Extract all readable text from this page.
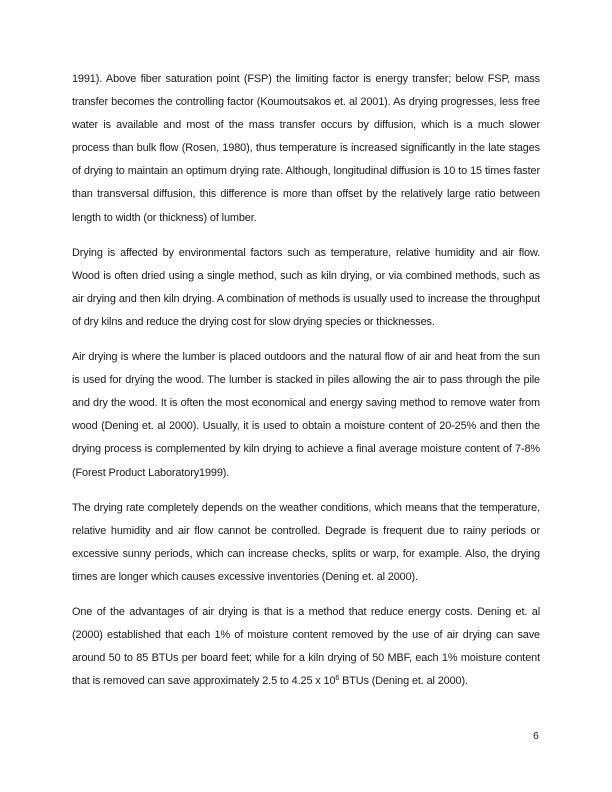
1991). Above fiber saturation point (FSP) the limiting factor is energy transfer; below FSP, mass transfer becomes the controlling factor (Koumoutsakos et. al 2001). As drying progresses, less free water is available and most of the mass transfer occurs by diffusion, which is a much slower process than bulk flow (Rosen, 1980), thus temperature is increased significantly in the late stages of drying to maintain an optimum drying rate. Although, longitudinal diffusion is 10 to 15 times faster than transversal diffusion, this difference is more than offset by the relatively large ratio between length to width (or thickness) of lumber.

Drying is affected by environmental factors such as temperature, relative humidity and air flow. Wood is often dried using a single method, such as kiln drying, or via combined methods, such as air drying and then kiln drying. A combination of methods is usually used to increase the throughput of dry kilns and reduce the drying cost for slow drying species or thicknesses.

Air drying is where the lumber is placed outdoors and the natural flow of air and heat from the sun is used for drying the wood. The lumber is stacked in piles allowing the air to pass through the pile and dry the wood. It is often the most economical and energy saving method to remove water from wood (Dening et. al 2000). Usually, it is used to obtain a moisture content of 20-25% and then the drying process is complemented by kiln drying to achieve a final average moisture content of 7-8% (Forest Product Laboratory1999).

The drying rate completely depends on the weather conditions, which means that the temperature, relative humidity and air flow cannot be controlled. Degrade is frequent due to rainy periods or excessive sunny periods, which can increase checks, splits or warp, for example. Also, the drying times are longer which causes excessive inventories (Dening et. al 2000).

One of the advantages of air drying is that is a method that reduce energy costs. Dening et. al (2000) established that each 1% of moisture content removed by the use of air drying can save around 50 to 85 BTUs per board feet; while for a kiln drying of 50 MBF, each 1% moisture content that is removed can save approximately 2.5 to 4.25 x $10^6$ BTUs (Dening et. al 2000).

6
